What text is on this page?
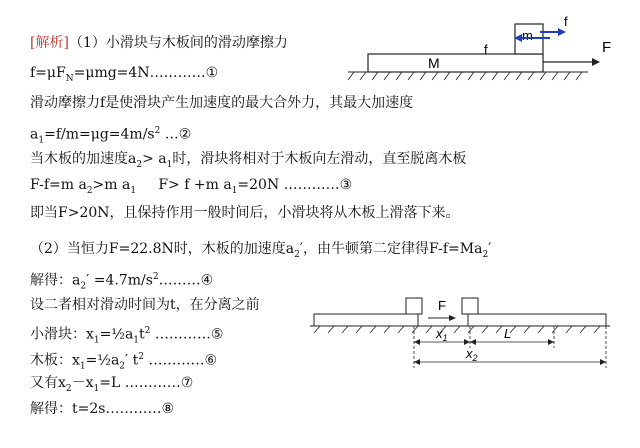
[解析]（1）小滑块与木板间的滑动摩擦力
$f=\mu F_N=\mu mg=4N\dots\dots\dots\dots ①$
滑动摩擦力f是使滑块产生加速度的最大合外力，其最大加速度
$a_1=f/m=\mu g=4m/s^2$ …②
当木板的加速度$a_2> a_1$时，滑块将相对于木板向左滑动，直至脱离木板
F-f=m $a_2>m$ $a_1$     F> f +m $a_1=20N$ …………③
即当F>20N，且保持作用一般时间后，小滑块将从木板上滑落下来。
（2）当恒力F=22.8N时，木板的加速度$a_2'$，由牛顿第二定律得$F-f=Ma_2'$
解得：$a_2'$ $=4.7m/s^2\dots\dots\dots ④$
设二者相对滑动时间为t，在分离之前
小滑块：$x_1=\frac{1}{2}a_1t^2$ …………⑤
木板：$x_1=\frac{1}{2}a_2'$ $t^2$ …………⑥
又有$x_2-x_1=L$ …………⑦
解得：t=2s…………⑧
M
m
f
f
F
F
$x_1$	L
$x_2$
